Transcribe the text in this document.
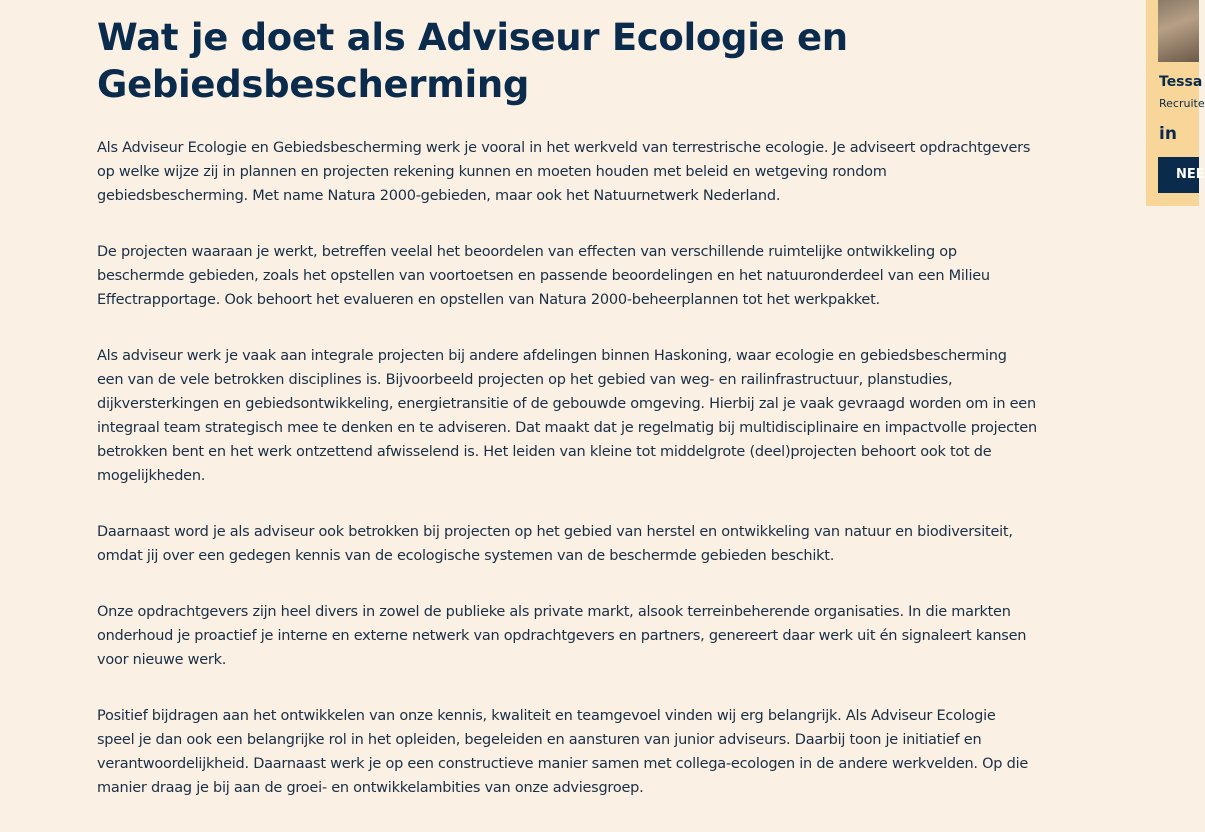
Wat je doet als Adviseur Ecologie en Gebiedsbescherming

Als Adviseur Ecologie en Gebiedsbescherming werk je vooral in het werkveld van terrestrische ecologie. Je adviseert opdrachtgevers op welke wijze zij in plannen en projecten rekening kunnen en moeten houden met beleid en wetgeving rondom gebiedsbescherming. Met name Natura 2000-gebieden, maar ook het Natuurnetwerk Nederland.

De projecten waaraan je werkt, betreffen veelal het beoordelen van effecten van verschillende ruimtelijke ontwikkeling op beschermde gebieden, zoals het opstellen van voortoetsen en passende beoordelingen en het natuuronderdeel van een Milieu Effectrapportage. Ook behoort het evalueren en opstellen van Natura 2000-beheerplannen tot het werkpakket.

Als adviseur werk je vaak aan integrale projecten bij andere afdelingen binnen Haskoning, waar ecologie en gebiedsbescherming een van de vele betrokken disciplines is. Bijvoorbeeld projecten op het gebied van weg- en railinfrastructuur, planstudies, dijkversterkingen en gebiedsontwikkeling, energietransitie of de gebouwde omgeving. Hierbij zal je vaak gevraagd worden om in een integraal team strategisch mee te denken en te adviseren. Dat maakt dat je regelmatig bij multidisciplinaire en impactvolle projecten betrokken bent en het werk ontzettend afwisselend is. Het leiden van kleine tot middelgrote (deel)projecten behoort ook tot de mogelijkheden.

Daarnaast word je als adviseur ook betrokken bij projecten op het gebied van herstel en ontwikkeling van natuur en biodiversiteit, omdat jij over een gedegen kennis van de ecologische systemen van de beschermde gebieden beschikt.

Onze opdrachtgevers zijn heel divers in zowel de publieke als private markt, alsook terreinbeherende organisaties. In die markten onderhoud je proactief je interne en externe netwerk van opdrachtgevers en partners, genereert daar werk uit én signaleert kansen voor nieuwe werk.

Positief bijdragen aan het ontwikkelen van onze kennis, kwaliteit en teamgevoel vinden wij erg belangrijk. Als Adviseur Ecologie speel je dan ook een belangrijke rol in het opleiden, begeleiden en aansturen van junior adviseurs. Daarbij toon je initiatief en verantwoordelijkheid. Daarnaast werk je op een constructieve manier samen met collega-ecologen in de andere werkvelden. Op die manier draag je bij aan de groei- en ontwikkelambities van onze adviesgroep.

Tessa
Recruite
in
NEE
